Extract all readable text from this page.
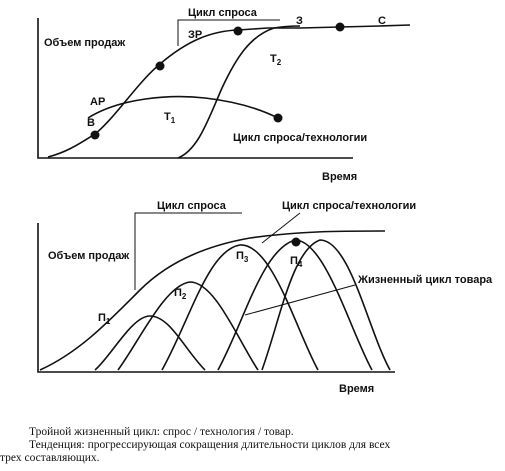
Объем продаж
Время
В
АР
ЗР
З	С
$Т_1$
$Т_2$
Цикл спроса
Цикл спроса/технологии
Объем продаж
Время
$П_1$
$П_2$
$П_3$	$П_4$
Цикл спроса	Цикл спроса/технологии
Жизненный цикл товара
Тройной жизненный цикл: спрос / технология / товар.
Тенденция: прогрессирующая сокращения длительности циклов для всех
трех составляющих.
